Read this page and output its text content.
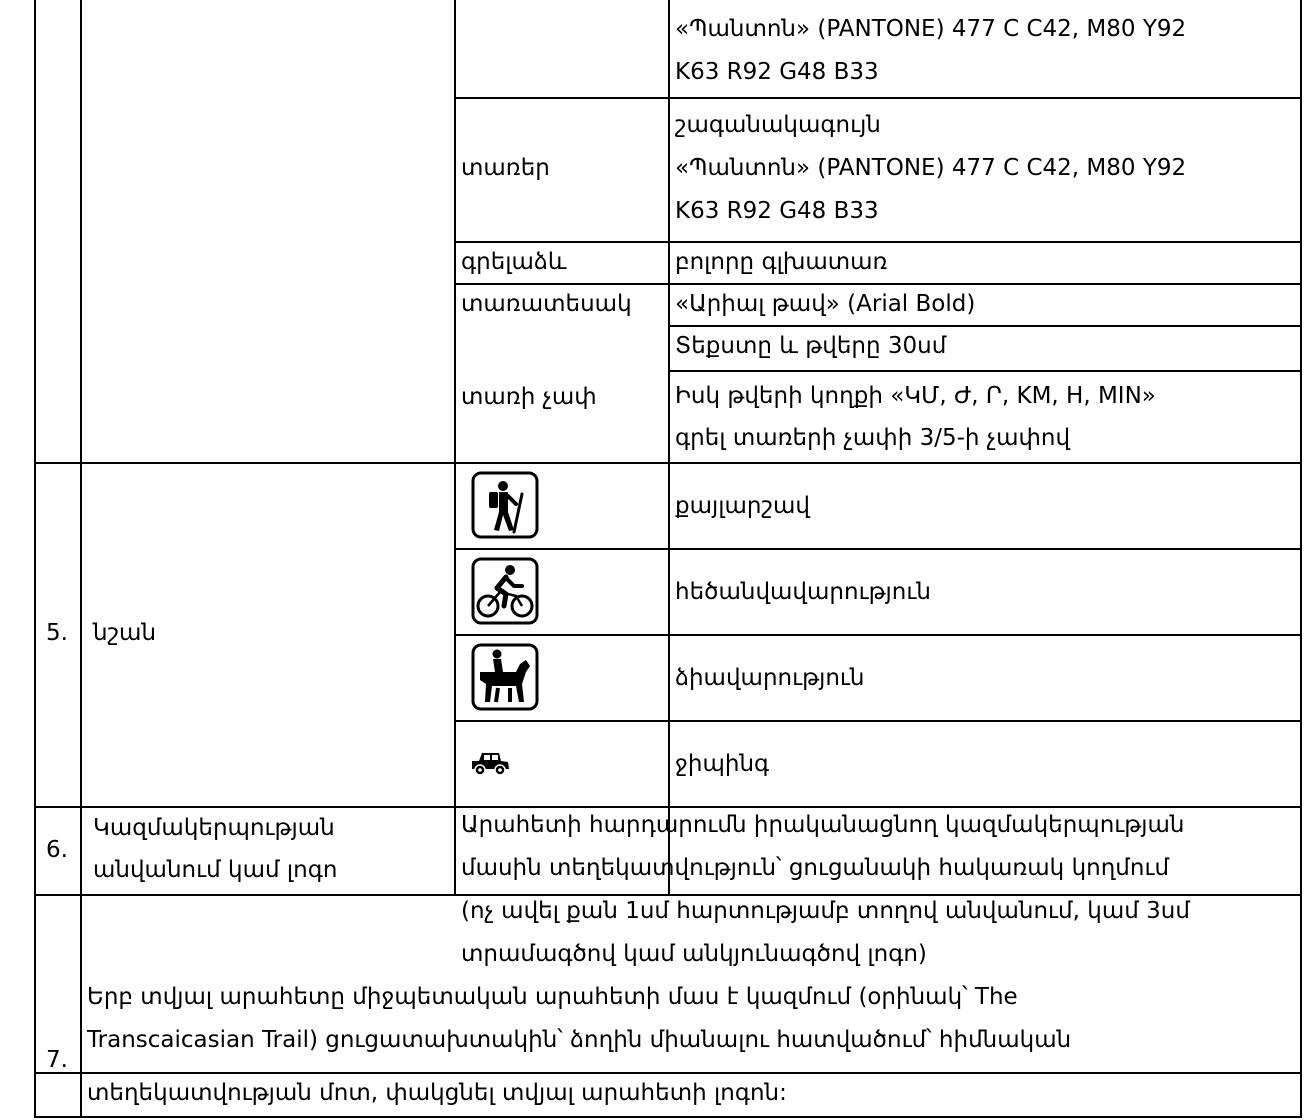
«Պանտոն» (PANTONE) 477 C C42, M80 Y92
K63 R92 G48 B33
տառեր
շագանակագույն
«Պանտոն» (PANTONE) 477 C C42, M80 Y92
K63 R92 G48 B33
գրելաձև	բոլորը գլխատառ
տառատեսակ «Արիալ թավ» (Arial Bold)
տառի չափ
Տեքստը և թվերը 30սմ
Իսկ թվերի կողքի «ԿՄ, Ժ, Ր, KM, H, MIN»
գրել տառերի չափի 3/5-ի չափով
5.	նշան
քայլարշավ
հեծանվավարություն
ձիավարություն
ջիպինգ
6.
Կազմակերպության
անվանում կամ լոգո
Արահետի հարդարումն իրականացնող կազմակերպության
մասին տեղեկատվություն՝ ցուցանակի հակառակ կողմում
(ոչ ավել քան 1սմ հարտությամբ տողով անվանում, կամ 3սմ
տրամագծով կամ անկյունագծով լոգո)
7.
Երբ տվյալ արահետը միջպետական արահետի մաս է կազմում (օրինակ՝ The
Transcaicasian Trail) ցուցատախտակին՝ ձողին միանալու հատվածում՝ հիմնական
տեղեկատվության մոտ, փակցնել տվյալ արահետի լոգոն:
